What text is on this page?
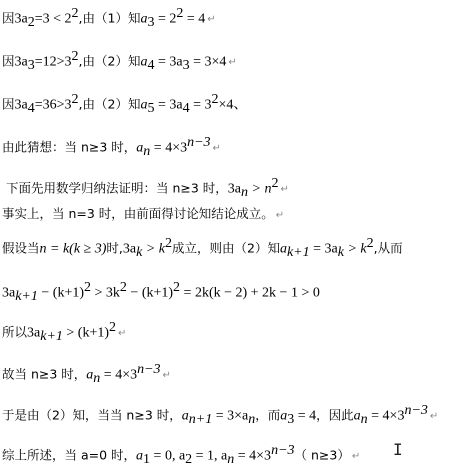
因$3a_2=3 < 2^2$,由（1）知$a_3 = 2^2 = 4$ ↵
因$3a_3=12>3^2$,由（2）知$a_4 = 3a_3 = 3\times 4$ ↵
因$3a_4=36>3^2$,由（2）知$a_5 = 3a_4 = 3^2\times 4$、
由此猜想：当 n≥3 时，$a_n = 4\times 3^{n-3}$ ↵
下面先用数学归纳法证明：当 n≥3 时，$3a_n > n^2$ ↵
事实上，当 n=3 时，由前面得讨论知结论成立。 ↵
假设当n = k(k ≥ 3)时$,3a_k > k^2$成立，则由（2）知$a_{k+1} = 3a_k > k^2$,从而
$3a_{k+1} - (k+1)^2 > 3k^2 - (k+1)^2 = 2k(k - 2) + 2k - 1 > 0$
所以$3a_{k+1} > (k+1)^2$ ↵
故当 n≥3 时，$a_n = 4\times 3^{n-3}$ ↵
于是由（2）知，当当 n≥3 时，$a_{n+1} = 3\times a_n$，而$a_3 = 4$，因此$a_n = 4\times 3^{n-3}$ ↵
综上所述，当 a=0 时，$a_1 = 0$, $a_2 = 1$, $a_n = 4\times 3^{n-3}$（ n≥3） ↵ I
